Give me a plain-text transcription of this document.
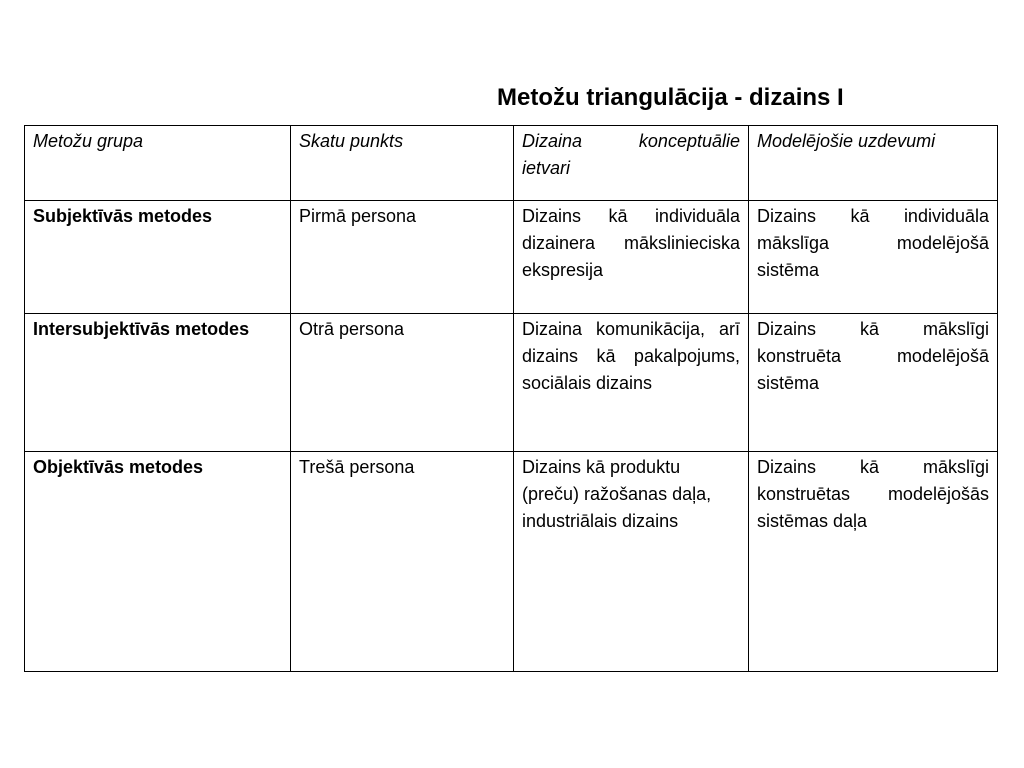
Metožu triangulācija - dizains I
Metožu grupa	Skatu punkts	Dizaina konceptuālie ietvari	Modelējošie uzdevumi
Subjektīvās metodes	Pirmā persona	Dizains kā individuāla dizainera mākslinieciska ekspresija	Dizains kā individuāla mākslīga modelējošā sistēma
Intersubjektīvās metodes	Otrā persona	Dizaina komunikācija, arī dizains kā pakalpojums, sociālais dizains	Dizains kā mākslīgi konstruēta modelējošā sistēma
Objektīvās metodes	Trešā persona	Dizains kā produktu (preču) ražošanas daļa, industriālais dizains	Dizains kā mākslīgi konstruētas modelējošās sistēmas daļa
